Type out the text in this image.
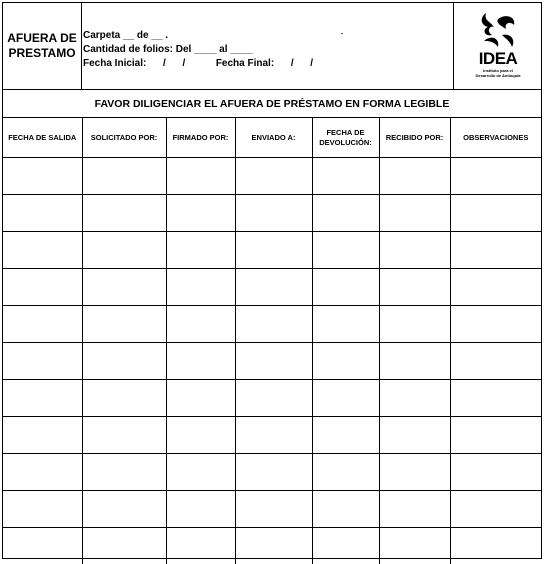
AFUERA DE
PRESTAMO
Carpeta __ de __ .
Cantidad de folios: Del ____ al ____
Fecha Inicial:      /      /           Fecha Final:      /      /	IDEA
Instituto para el
Desarrollo de Antioquia
FAVOR DILIGENCIAR EL AFUERA DE PRÉSTAMO EN FORMA LEGIBLE
FECHA DE SALIDA	SOLICITADO POR:	FIRMADO POR:	ENVIADO A:	FECHA DE
DEVOLUCIÓN:	RECIBIDO POR:	OBSERVACIONES
